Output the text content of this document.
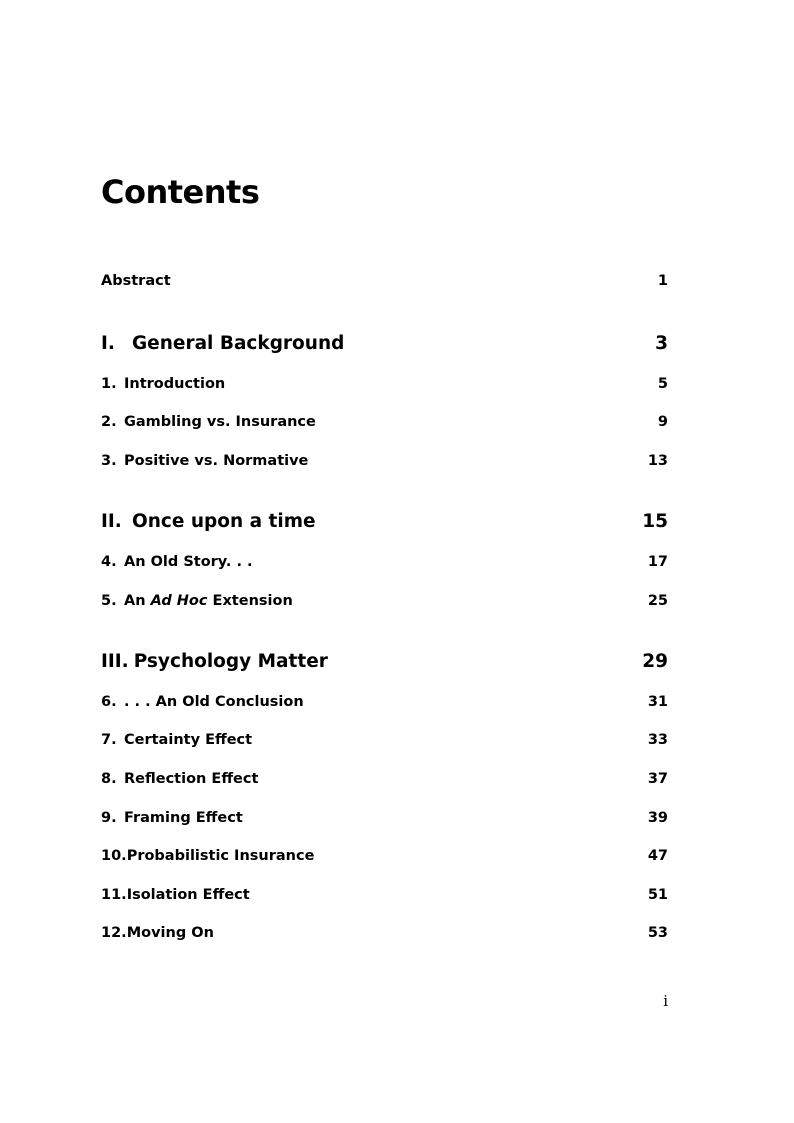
Contents
Abstract	1
I. General Background	3
1. Introduction	5
2. Gambling vs. Insurance	9
3. Positive vs. Normative	13
II. Once upon a time	15
4. An Old Story. . .	17
5. An Ad Hoc Extension	25
III. Psychology Matter	29
6. . . . An Old Conclusion	31
7. Certainty Effect	33
8. Reflection Effect	37
9. Framing Effect	39
10. Probabilistic Insurance	47
11. Isolation Effect	51
12. Moving On	53
i
